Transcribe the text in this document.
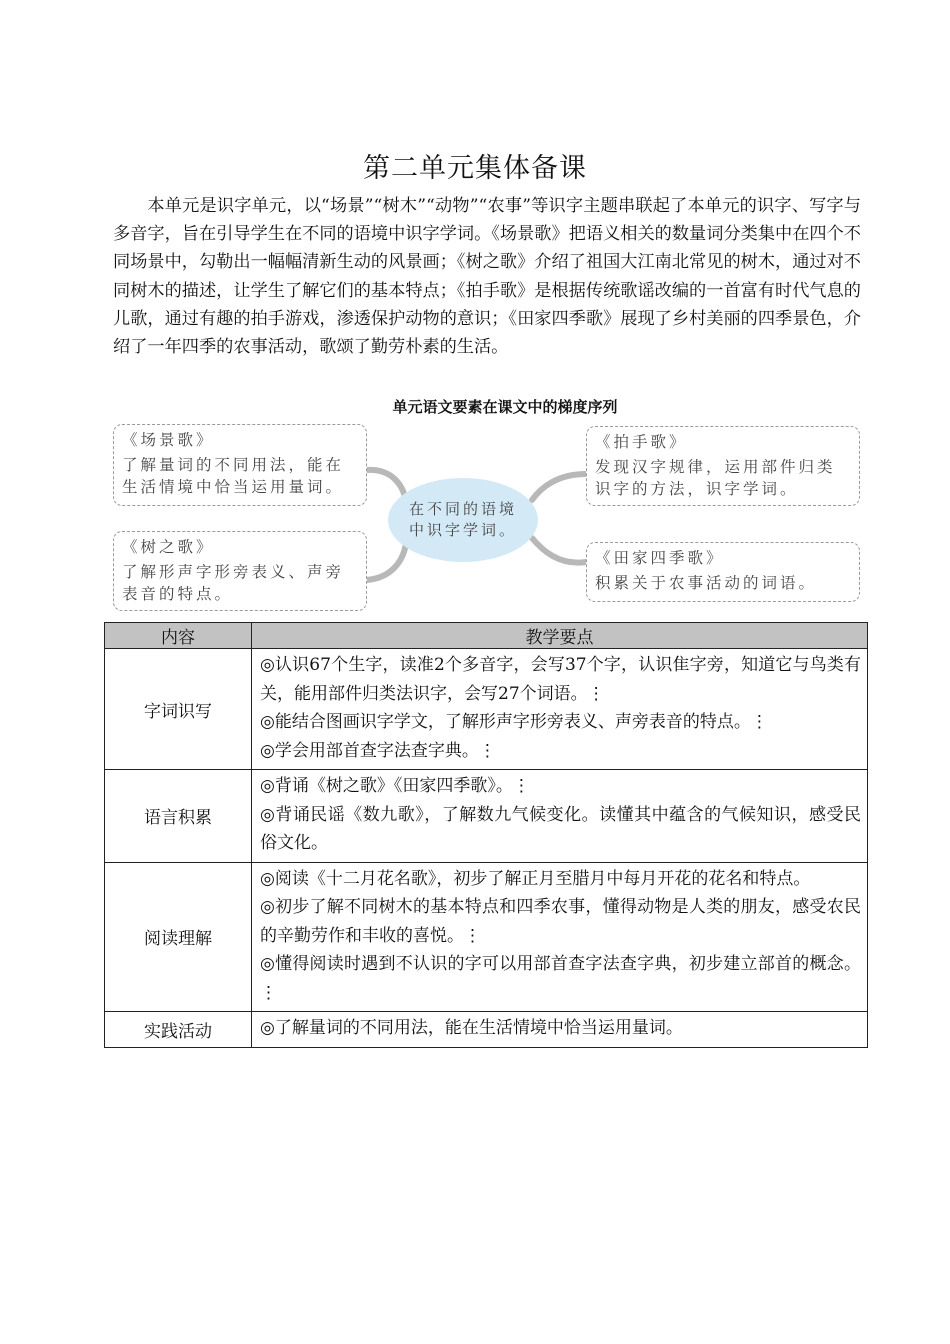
第二单元集体备课

本单元是识字单元，以“场景”“树木”“动物”“农事”等识字主题串联起了本单元的识字、写字与多音字，旨在引导学生在不同的语境中识字学词。《场景歌》把语义相关的数量词分类集中在四个不同场景中，勾勒出一幅幅清新生动的风景画；《树之歌》介绍了祖国大江南北常见的树木，通过对不同树木的描述，让学生了解它们的基本特点；《拍手歌》是根据传统歌谣改编的一首富有时代气息的儿歌，通过有趣的拍手游戏，渗透保护动物的意识；《田家四季歌》展现了乡村美丽的四季景色，介绍了一年四季的农事活动，歌颂了勤劳朴素的生活。

单元语文要素在课文中的梯度序列
《场景歌》
了解量词的不同用法，能在生活情境中恰当运用量词。
《拍手歌》
发现汉字规律，运用部件归类识字的方法，识字学词。
《树之歌》
了解形声字形旁表义、声旁表音的特点。
《田家四季歌》
积累关于农事活动的词语。
在不同的语境中识字学词。
内容	教学要点
字词识写	◎认识67个生字，读准2个多音字，会写37个字，认识隹字旁，知道它与鸟类有关，能用部件归类法识字，会写27个词语。⋮
◎能结合图画识字学文，了解形声字形旁表义、声旁表音的特点。⋮
◎学会用部首查字法查字典。⋮

语言积累	◎背诵《树之歌》《田家四季歌》。⋮
◎背诵民谣《数九歌》，了解数九气候变化。读懂其中蕴含的气候知识，感受民俗文化。

阅读理解	◎阅读《十二月花名歌》，初步了解正月至腊月中每月开花的花名和特点。
◎初步了解不同树木的基本特点和四季农事，懂得动物是人类的朋友，感受农民的辛勤劳作和丰收的喜悦。⋮
◎懂得阅读时遇到不认识的字可以用部首查字法查字典，初步建立部首的概念。⋮

实践活动	◎了解量词的不同用法，能在生活情境中恰当运用量词。
